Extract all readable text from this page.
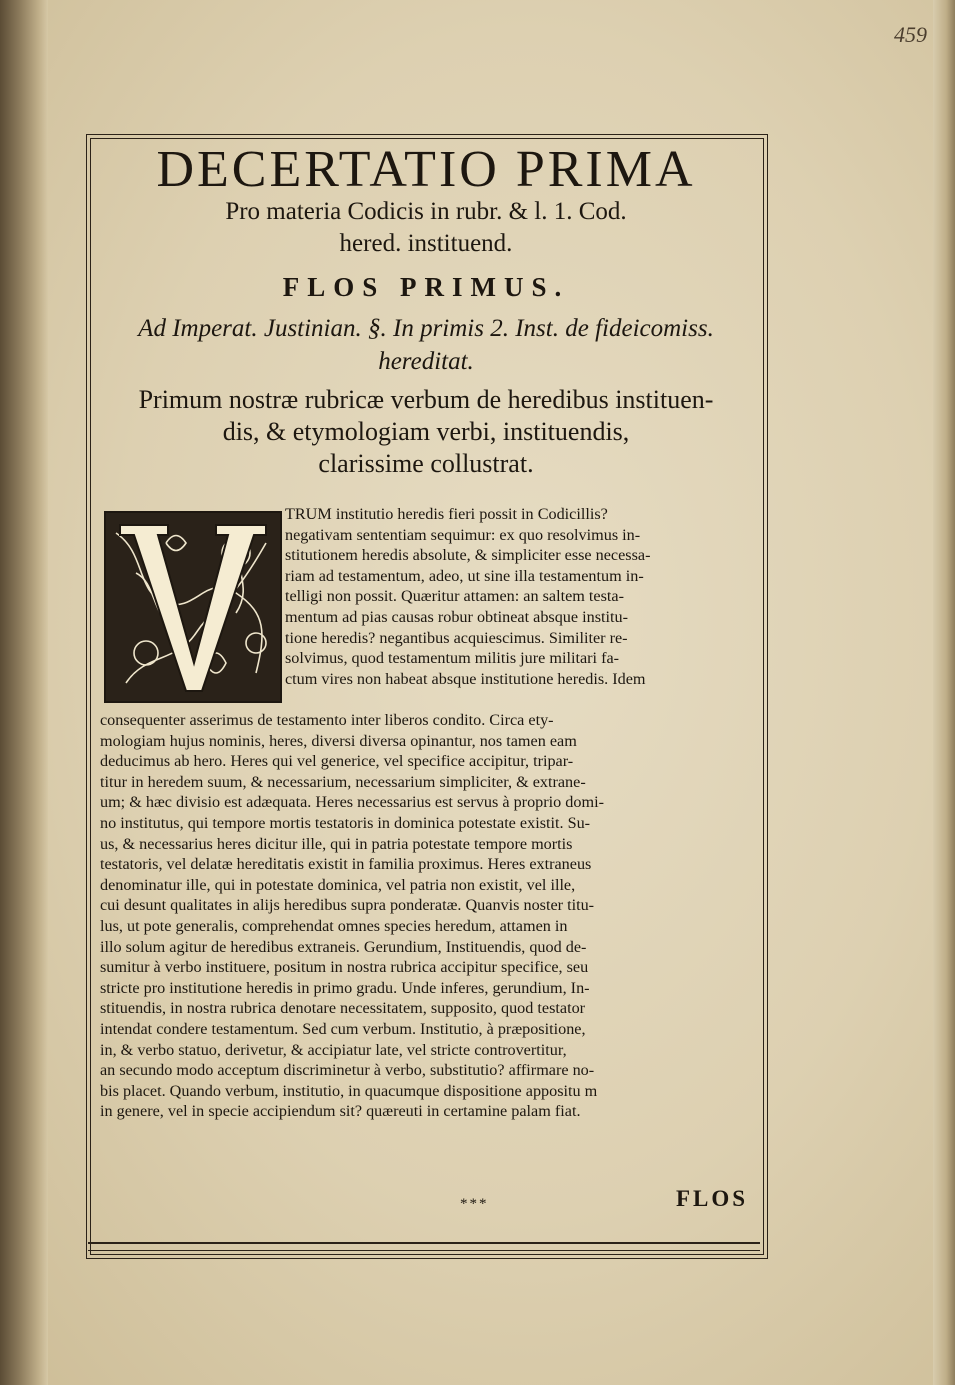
459
DECERTATIO PRIMA
Pro materia Codicis in rubr. & l. 1. Cod.
hered. instituend.
FLOS PRIMUS.
Ad Imperat. Justinian. §. In primis 2. Inst. de fideicomiss.
hereditat.
Primum nostræ rubricæ verbum de heredibus instituen-
dis, & etymologiam verbi, instituendis,
clarissime collustrat.
TRUM institutio heredis fieri possit in Codicillis?
negativam sententiam sequimur: ex quo resolvimus in-
stitutionem heredis absolute, & simpliciter esse necessa-
riam ad testamentum, adeo, ut sine illa testamentum in-
telligi non possit. Quæritur attamen: an saltem testa-
mentum ad pias causas robur obtineat absque institu-
tione heredis? negantibus acquiescimus. Similiter re-
solvimus, quod testamentum militis jure militari fa-
ctum vires non habeat absque institutione heredis. Idem
consequenter asserimus de testamento inter liberos condito. Circa ety-
mologiam hujus nominis, heres, diversi diversa opinantur, nos tamen eam
deducimus ab hero. Heres qui vel generice, vel specifice accipitur, tripar-
titur in heredem suum, & necessarium, necessarium simpliciter, & extrane-
um; & hæc divisio est adæquata. Heres necessarius est servus à proprio domi-
no institutus, qui tempore mortis testatoris in dominica potestate existit. Su-
us, & necessarius heres dicitur ille, qui in patria potestate tempore mortis
testatoris, vel delatæ hereditatis existit in familia proximus. Heres extraneus
denominatur ille, qui in potestate dominica, vel patria non existit, vel ille,
cui desunt qualitates in alijs heredibus supra ponderatæ. Quanvis noster titu-
lus, ut pote generalis, comprehendat omnes species heredum, attamen in
illo solum agitur de heredibus extraneis. Gerundium, Instituendis, quod de-
sumitur à verbo instituere, positum in nostra rubrica accipitur specifice, seu
stricte pro institutione heredis in primo gradu. Unde inferes, gerundium, In-
stituendis, in nostra rubrica denotare necessitatem, supposito, quod testator
intendat condere testamentum. Sed cum verbum. Institutio, à præpositione,
in, & verbo statuo, derivetur, & accipiatur late, vel stricte controvertitur,
an secundo modo acceptum discriminetur à verbo, substitutio? affirmare no-
bis placet. Quando verbum, institutio, in quacumque dispositione appositu m
in genere, vel in specie accipiendum sit? quæreuti in certamine palam fiat.
***	FLOS
